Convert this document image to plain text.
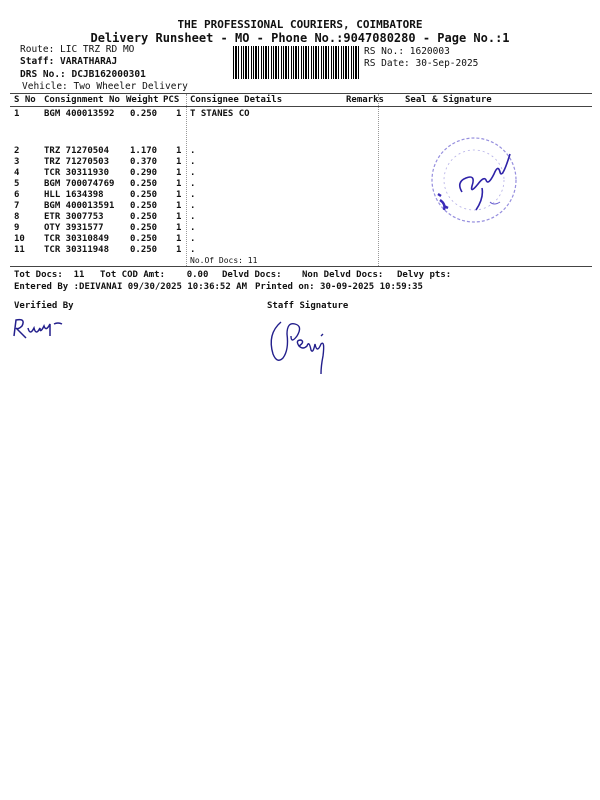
THE PROFESSIONAL COURIERS, COIMBATORE
Delivery Runsheet - MO - Phone No.:9047080280 - Page No.:1
Route: LIC TRZ RD MO
Staff: VARATHARAJ
DRS No.: DCJB162000301
Vehicle: Two Wheeler Delivery
RS No.: 1620003
RS Date: 30-Sep-2025
S No Consignment No Weight PCS Consignee Details	Remarks Seal & Signature
1	BGM 400013592 0.250 1 T STANES CO
2	TRZ 71270504 1.170 1 .
3	TRZ 71270503 0.370 1 .
4	TCR 30311930 0.290 1 .
5	BGM 700074769 0.250 1 .
6	HLL 1634398	0.250 1 .
7	BGM 400013591 0.250 1 .
8	ETR 3007753	0.250 1 .
9	OTY 3931577	0.250 1 .
10 TCR 30310849 0.250 1 .
11 TCR 30311948 0.250 1 .
No.Of Docs: 11
Tot Docs:  11 Tot COD Amt:    0.00 Delvd Docs: Non Delvd Docs: Delvy pts:
Entered By :DEIVANAI 09/30/2025 10:36:52 AM Printed on: 30-09-2025 10:59:35
Verified By	Staff Signature
